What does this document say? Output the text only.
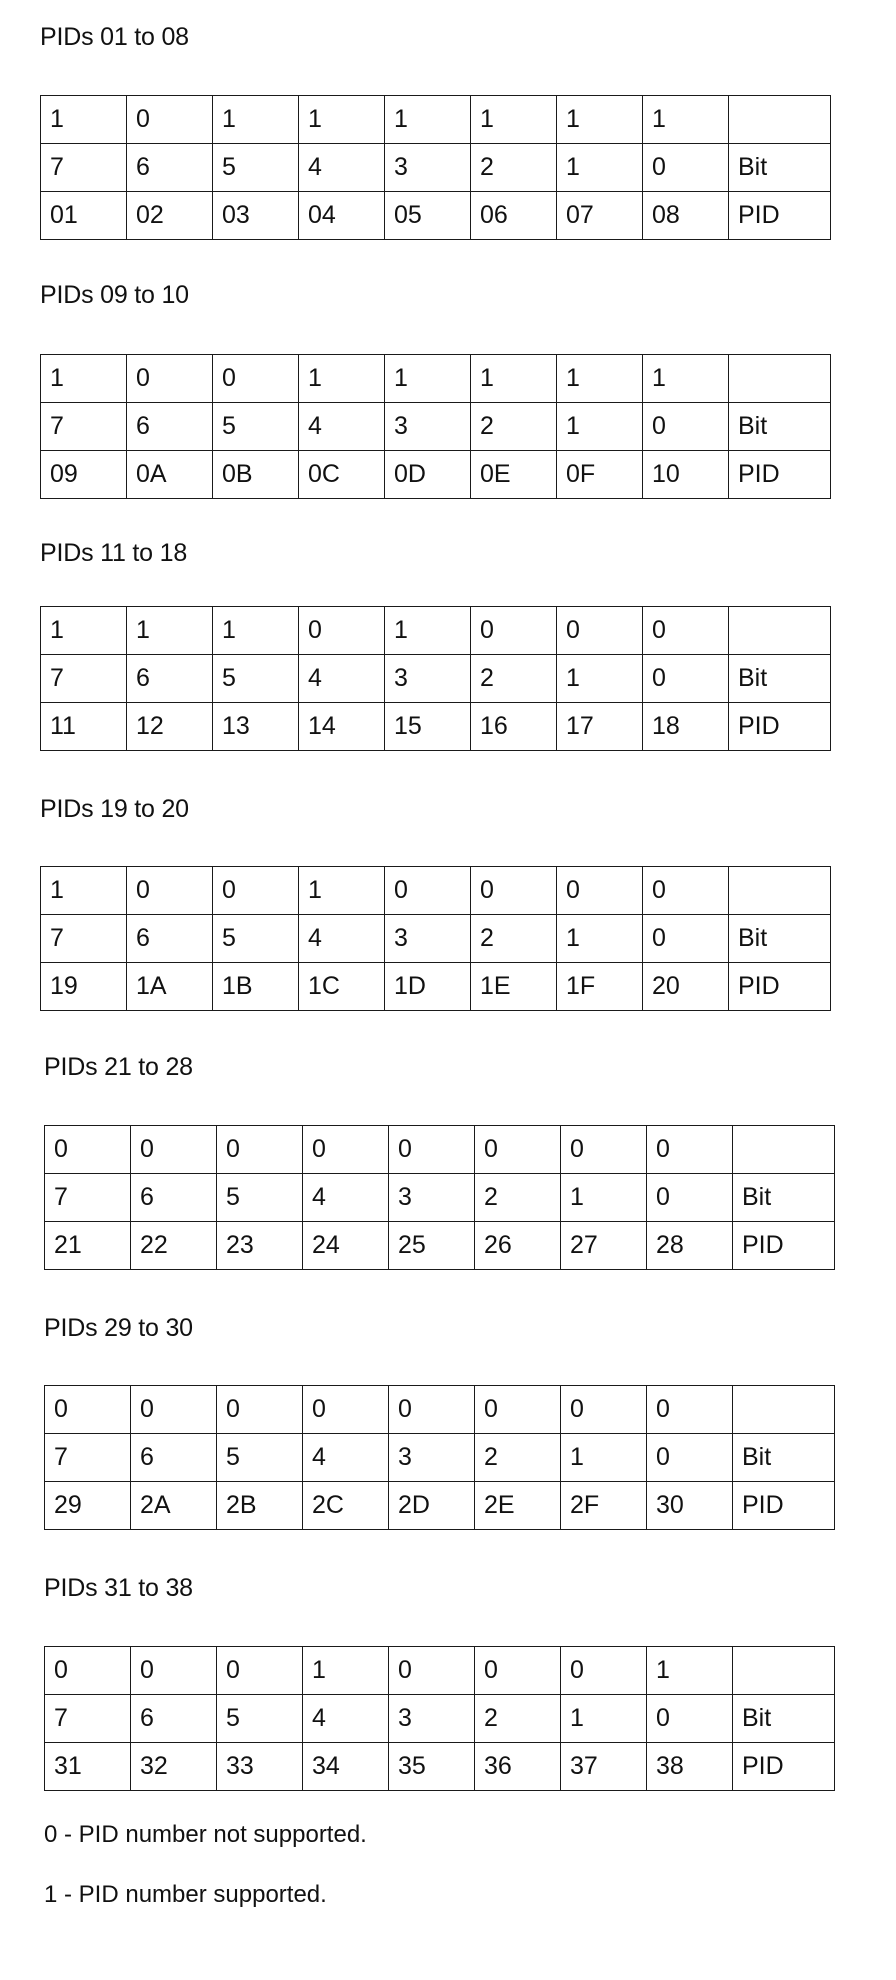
PIDs 01 to 08
1	0	1	1	1	1	1	1	
7	6	5	4	3	2	1	0	Bit
01	02	03	04	05	06	07	08	PID
PIDs 09 to 10
1	0	0	1	1	1	1	1	
7	6	5	4	3	2	1	0	Bit
09	0A	0B	0C	0D	0E	0F	10	PID
PIDs 11 to 18
1	1	1	0	1	0	0	0	
7	6	5	4	3	2	1	0	Bit
11	12	13	14	15	16	17	18	PID
PIDs 19 to 20
1	0	0	1	0	0	0	0	
7	6	5	4	3	2	1	0	Bit
19	1A	1B	1C	1D	1E	1F	20	PID
PIDs 21 to 28
0	0	0	0	0	0	0	0	
7	6	5	4	3	2	1	0	Bit
21	22	23	24	25	26	27	28	PID
PIDs 29 to 30
0	0	0	0	0	0	0	0	
7	6	5	4	3	2	1	0	Bit
29	2A	2B	2C	2D	2E	2F	30	PID
PIDs 31 to 38
0	0	0	1	0	0	0	1	
7	6	5	4	3	2	1	0	Bit
31	32	33	34	35	36	37	38	PID
0 - PID number not supported.
1 - PID number supported.
